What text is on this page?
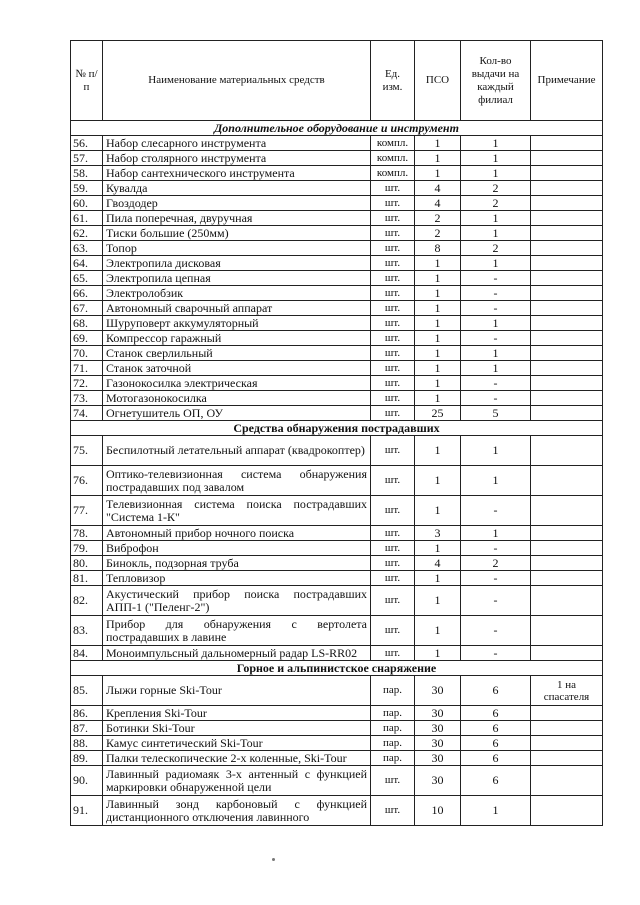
№ п/п	Наименование материальных средств	Ед. изм.	ПСО	Кол-во выдачи на каждый филиал	Примечание
Дополнительное оборудование и инструмент					
56.	Набор слесарного инструмента	компл.	1	1	
57.	Набор столярного инструмента	компл.	1	1	
58.	Набор сантехнического инструмента	компл.	1	1	
59.	Кувалда	шт.	4	2	
60.	Гвоздодер	шт.	4	2	
61.	Пила поперечная, двуручная	шт.	2	1	
62.	Тиски большие (250мм)	шт.	2	1	
63.	Топор	шт.	8	2	
64.	Электропила дисковая	шт.	1	1	
65.	Электропила цепная	шт.	1	-	
66.	Электролобзик	шт.	1	-	
67.	Автономный сварочный аппарат	шт.	1	-	
68.	Шуруповерт аккумуляторный	шт.	1	1	
69.	Компрессор гаражный	шт.	1	-	
70.	Станок сверлильный	шт.	1	1	
71.	Станок заточной	шт.	1	1	
72.	Газонокосилка электрическая	шт.	1	-	
73.	Мотогазонокосилка	шт.	1	-	
74.	Огнетушитель ОП, ОУ	шт.	25	5	
Средства обнаружения пострадавших					
75.	Беспилотный летательный аппарат (квадрокоптер)	шт.	1	1	
76.	Оптико-телевизионная система обнаружения пострадавших под завалом	шт.	1	1	
77.	Телевизионная система поиска пострадавших "Система 1-К"	шт.	1	-	
78.	Автономный прибор ночного поиска	шт.	3	1	
79.	Виброфон	шт.	1	-	
80.	Бинокль, подзорная труба	шт.	4	2	
81.	Тепловизор	шт.	1	-	
82.	Акустический прибор поиска пострадавших АПП-1 ("Пеленг-2")	шт.	1	-	
83.	Прибор для обнаружения с вертолета пострадавших в лавине	шт.	1	-	
84.	Моноимпульсный дальномерный радар LS-RR02	шт.	1	-	
Горное и альпинистское снаряжение					
85.	Лыжи горные Ski-Tour	пар.	30	6	1 на спасателя
86.	Крепления Ski-Tour	пар.	30	6	
87.	Ботинки Ski-Tour	пар.	30	6	
88.	Камус синтетический Ski-Tour	пар.	30	6	
89.	Палки телескопические 2-х коленные, Ski-Tour	пар.	30	6	
90.	Лавинный радиомаяк 3-х антенный с функцией маркировки обнаруженной цели	шт.	30	6	
91.	Лавинный зонд карбоновый с функцией дистанционного отключения лавинного	шт.	10	1	
